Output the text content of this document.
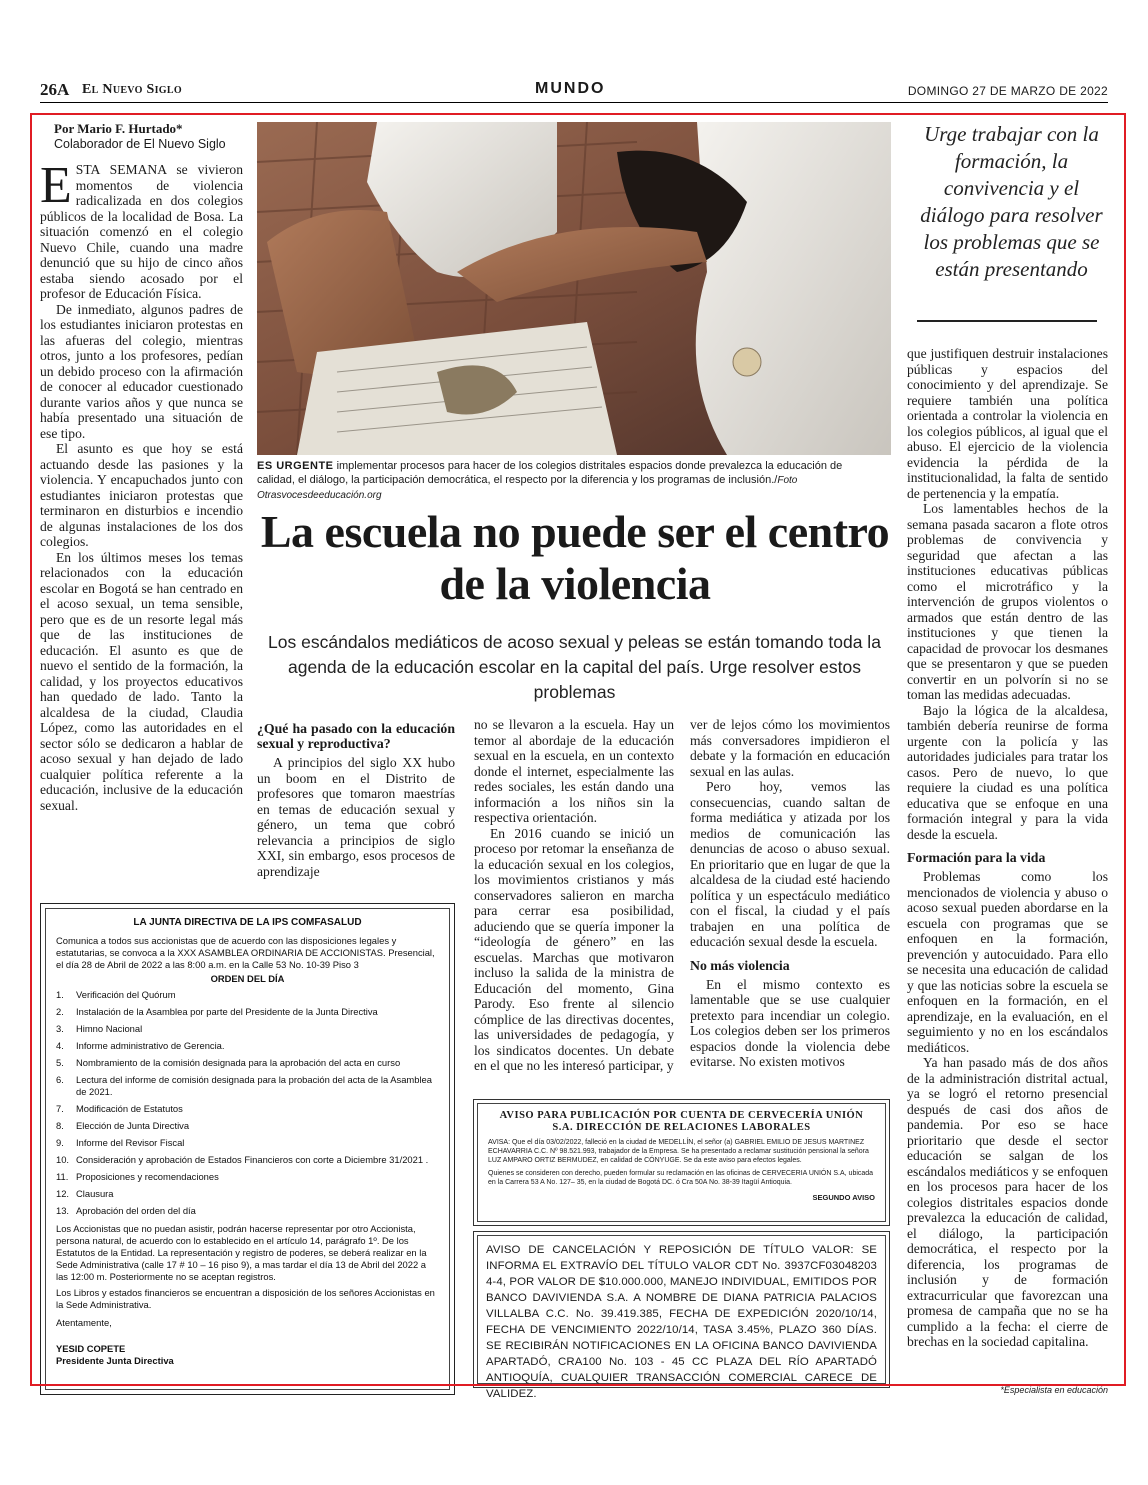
26A El Nuevo Siglo	MUNDO	DOMINGO 27 DE MARZO DE 2022
Por Mario F. Hurtado*
Colaborador de El Nuevo Siglo

ESTA SEMANA se vivieron momentos de violencia radicalizada en dos colegios públicos de la localidad de Bosa. La situación comenzó en el colegio Nuevo Chile, cuando una madre denunció que su hijo de cinco años estaba siendo acosado por el profesor de Educación Física.

De inmediato, algunos padres de los estudiantes iniciaron protestas en las afueras del colegio, mientras otros, junto a los profesores, pedían un debido proceso con la afirmación de conocer al educador cuestionado durante varios años y que nunca se había presentado una situación de ese tipo.

El asunto es que hoy se está actuando desde las pasiones y la violencia. Y encapuchados junto con estudiantes iniciaron protestas que terminaron en disturbios e incendio de algunas instalaciones de los dos colegios.

En los últimos meses los temas relacionados con la educación escolar en Bogotá se han centrado en el acoso sexual, un tema sensible, pero que es de un resorte legal más que de las instituciones de educación. El asunto es que de nuevo el sentido de la formación, la calidad, y los proyectos educativos han quedado de lado. Tanto la alcaldesa de la ciudad, Claudia López, como las autoridades en el sector sólo se dedicaron a hablar de acoso sexual y han dejado de lado cualquier política referente a la educación, inclusive de la educación sexual.

ES URGENTE implementar procesos para hacer de los colegios distritales espacios donde prevalezca la educación de calidad, el diálogo, la participación democrática, el respecto por la diferencia y los programas de inclusión./Foto Otrasvocesdeeducación.org
La escuela no puede ser el centro de la violencia
Los escándalos mediáticos de acoso sexual y peleas se están tomando toda la agenda de la educación escolar en la capital del país. Urge resolver estos problemas
¿Qué ha pasado con la educación sexual y reproductiva?

A principios del siglo XX hubo un boom en el Distrito de profesores que tomaron maestrías en temas de educación sexual y género, un tema que cobró relevancia a principios de siglo XXI, sin embargo, esos procesos de aprendizaje

no se llevaron a la escuela. Hay un temor al abordaje de la educación sexual en la escuela, en un contexto donde el internet, especialmente las redes sociales, les están dando una información a los niños sin la respectiva orientación.

En 2016 cuando se inició un proceso por retomar la enseñanza de la educación sexual en los colegios, los movimientos cristianos y más conservadores salieron en marcha para cerrar esa posibilidad, aduciendo que se quería imponer la “ideología de género” en las escuelas. Marchas que motivaron incluso la salida de la ministra de Educación del momento, Gina Parody. Eso frente al silencio cómplice de las directivas docentes, las universidades de pedagogía, y los sindicatos docentes. Un debate en el que no les interesó participar, y

ver de lejos cómo los movimientos más conversadores impidieron el debate y la formación en educación sexual en las aulas.

Pero hoy, vemos las consecuencias, cuando saltan de forma mediática y atizada por los medios de comunicación las denuncias de acoso o abuso sexual. En prioritario que en lugar de que la alcaldesa de la ciudad esté haciendo política y un espectáculo mediático con el fiscal, la ciudad y el país trabajen en una política de educación sexual desde la escuela.

No más violencia

En el mismo contexto es lamentable que se use cualquier pretexto para incendiar un colegio. Los colegios deben ser los primeros espacios donde la violencia debe evitarse. No existen motivos

Urge trabajar con la formación, la convivencia y el diálogo para resolver los problemas que se están presentando

que justifiquen destruir instalaciones públicas y espacios del conocimiento y del aprendizaje. Se requiere también una política orientada a controlar la violencia en los colegios públicos, al igual que el abuso. El ejercicio de la violencia evidencia la pérdida de la institucionalidad, la falta de sentido de pertenencia y la empatía.

Los lamentables hechos de la semana pasada sacaron a flote otros problemas de convivencia y seguridad que afectan a las instituciones educativas públicas como el microtráfico y la intervención de grupos violentos o armados que están dentro de las instituciones y que tienen la capacidad de provocar los desmanes que se presentaron y que se pueden convertir en un polvorín si no se toman las medidas adecuadas.

Bajo la lógica de la alcaldesa, también debería reunirse de forma urgente con la policía y las autoridades judiciales para tratar los casos. Pero de nuevo, lo que requiere la ciudad es una política educativa que se enfoque en una formación integral y para la vida desde la escuela.

Formación para la vida

Problemas como los mencionados de violencia y abuso o acoso sexual pueden abordarse en la escuela con programas que se enfoquen en la formación, prevención y autocuidado. Para ello se necesita una educación de calidad y que las noticias sobre la escuela se enfoquen en la formación, en el aprendizaje, en la evaluación, en el seguimiento y no en los escándalos mediáticos.

Ya han pasado más de dos años de la administración distrital actual, ya se logró el retorno presencial después de casi dos años de pandemia. Por eso se hace prioritario que desde el sector educación se salgan de los escándalos mediáticos y se enfoquen en los procesos para hacer de los colegios distritales espacios donde prevalezca la educación de calidad, el diálogo, la participación democrática, el respecto por la diferencia, los programas de inclusión y de formación extracurricular que favorezcan una promesa de campaña que no se ha cumplido a la fecha: el cierre de brechas en la sociedad capitalina.

LA JUNTA DIRECTIVA DE LA IPS COMFASALUD
Comunica a todos sus accionistas que de acuerdo con las disposiciones legales y estatutarias, se convoca a la XXX ASAMBLEA ORDINARIA DE ACCIONISTAS. Presencial, el día 28 de Abril de 2022 a las 8:00 a.m. en la Calle 53 No. 10-39 Piso 3
ORDEN DEL DÍA
1.	Verificación del Quórum
2.	Instalación de la Asamblea por parte del Presidente de la Junta Directiva
3.	Himno Nacional
4.	Informe administrativo de Gerencia.
5.	Nombramiento de la comisión designada para la aprobación del acta en curso
6.	Lectura del informe de comisión designada para la probación del acta de la Asamblea de 2021.
7.	Modificación de Estatutos
8.	Elección de Junta Directiva
9.	Informe del Revisor Fiscal
10. Consideración y aprobación de Estados Financieros con corte a Diciembre 31/2021 .
11. Proposiciones y recomendaciones
12. Clausura
13. Aprobación del orden del día
Los Accionistas que no puedan asistir, podrán hacerse representar por otro Accionista, persona natural, de acuerdo con lo establecido en el artículo 14, parágrafo 1º. De los Estatutos de la Entidad. La representación y registro de poderes, se deberá realizar en la Sede Administrativa (calle 17 # 10 – 16 piso 9), a mas tardar el día 13 de Abril del 2022 a las 12:00 m. Posteriormente no se aceptan registros.
Los Libros y estados financieros se encuentran a disposición de los señores Accionistas en la Sede Administrativa.
Atentamente,
YESID COPETE
Presidente Junta Directiva
AVISO PARA PUBLICACIÓN POR CUENTA DE CERVECERÍA UNIÓN S.A. DIRECCIÓN DE RELACIONES LABORALES
AVISA: Que el día 03/02/2022, falleció en la ciudad de MEDELLÍN, el señor (a) GABRIEL EMILIO DE JESUS MARTINEZ ECHAVARRIA C.C. Nº 98.521.993, trabajador de la Empresa. Se ha presentado a reclamar sustitución pensional la señora LUZ AMPARO ORTIZ BERMUDEZ, en calidad de CÓNYUGE. Se da este aviso para efectos legales.
Quienes se consideren con derecho, pueden formular su reclamación en las oficinas de CERVECERIA UNIÓN S.A, ubicada en la Carrera 53 A No. 127– 35, en la ciudad de Bogotá DC. ó Cra 50A No. 38-39 Itagüí Antioquia.
SEGUNDO AVISO
AVISO DE CANCELACIÓN Y REPOSICIÓN DE TÍTULO VALOR: SE INFORMA EL EXTRAVÍO DEL TÍTULO VALOR CDT No. 3937CF03048203 4-4, POR VALOR DE $10.000.000, MANEJO INDIVIDUAL, EMITIDOS POR BANCO DAVIVIENDA S.A. A NOMBRE DE DIANA PATRICIA PALACIOS VILLALBA C.C. No. 39.419.385, FECHA DE EXPEDICIÓN 2020/10/14, FECHA DE VENCIMIENTO 2022/10/14, TASA 3.45%, PLAZO 360 DÍAS. SE RECIBIRÁN NOTIFICACIONES EN LA OFICINA BANCO DAVIVIENDA APARTADÓ, CRA100 No. 103 - 45 CC PLAZA DEL RÍO APARTADÓ ANTIOQUÍA, CUALQUIER TRANSACCIÓN COMERCIAL CARECE DE VALIDEZ.	*Especialista en educación
